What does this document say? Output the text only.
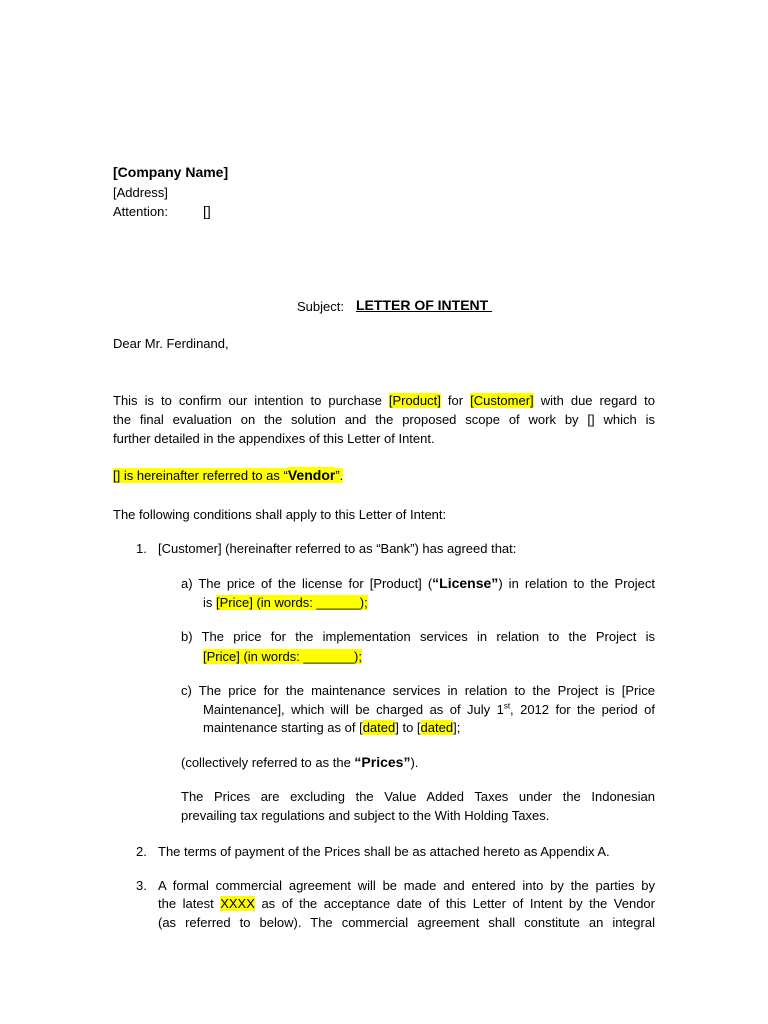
[Company Name]
[Address]
Attention:	[]
Subject: LETTER OF INTENT
Dear Mr. Ferdinand,
This is to confirm our intention to purchase [Product] for [Customer] with due regard to
the final evaluation on the solution and the proposed scope of work by [] which is
further detailed in the appendixes of this Letter of Intent.
[] is hereinafter referred to as “Vendor”.
The following conditions shall apply to this Letter of Intent:
1. [Customer] (hereinafter referred to as “Bank”) has agreed that:
a) The price of the license for [Product] (“License”) in relation to the Project
is [Price] (in words: ______);
b) The price for the implementation services in relation to the Project is
[Price] (in words: _______);
c) The price for the maintenance services in relation to the Project is [Price
Maintenance], which will be charged as of July 1st, 2012 for the period of
maintenance starting as of [dated] to [dated];
(collectively referred to as the “Prices”).
The Prices are excluding the Value Added Taxes under the Indonesian
prevailing tax regulations and subject to the With Holding Taxes.
2. The terms of payment of the Prices shall be as attached hereto as Appendix A.
3. A formal commercial agreement will be made and entered into by the parties by
the latest XXXX as of the acceptance date of this Letter of Intent by the Vendor
(as referred to below). The commercial agreement shall constitute an integral
